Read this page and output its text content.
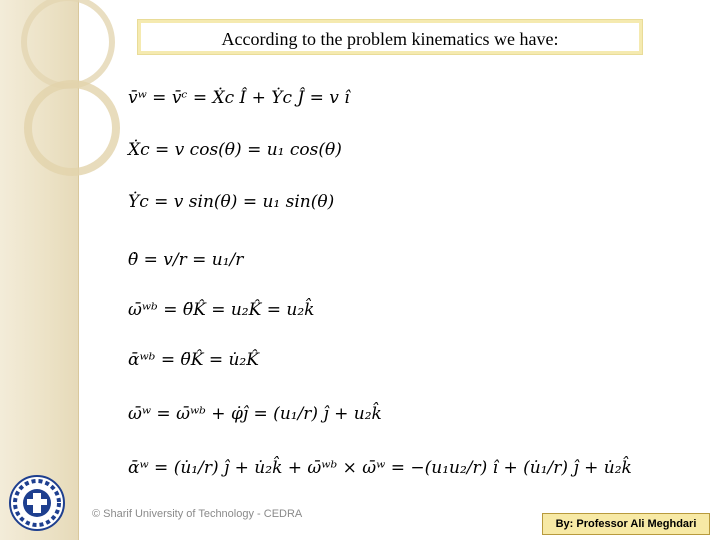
According to the problem kinematics we have:
v̄ʷ = v̄ᶜ = Ẋc Î + Ẏc Ĵ = v î
Ẋc = v cos(θ) = u₁ cos(θ)
Ẏc = v sin(θ) = u₁ sin(θ)
θ̇ = v/r = u₁/r
ω̄ʷᵇ = θ̈K̂ = u₂K̂ = u₂k̂
ᾱʷᵇ = θ̈K̂ = u̇₂K̂
ω̄ʷ = ω̄ʷᵇ + φ̇ĵ = (u₁/r) ĵ + u₂k̂
ᾱʷ = (u̇₁/r) ĵ + u̇₂k̂ + ω̄ʷᵇ × ω̄ʷ = −(u₁u₂/r) î + (u̇₁/r) ĵ + u̇₂k̂
© Sharif University of Technology - CEDRA
By: Professor Ali Meghdari
